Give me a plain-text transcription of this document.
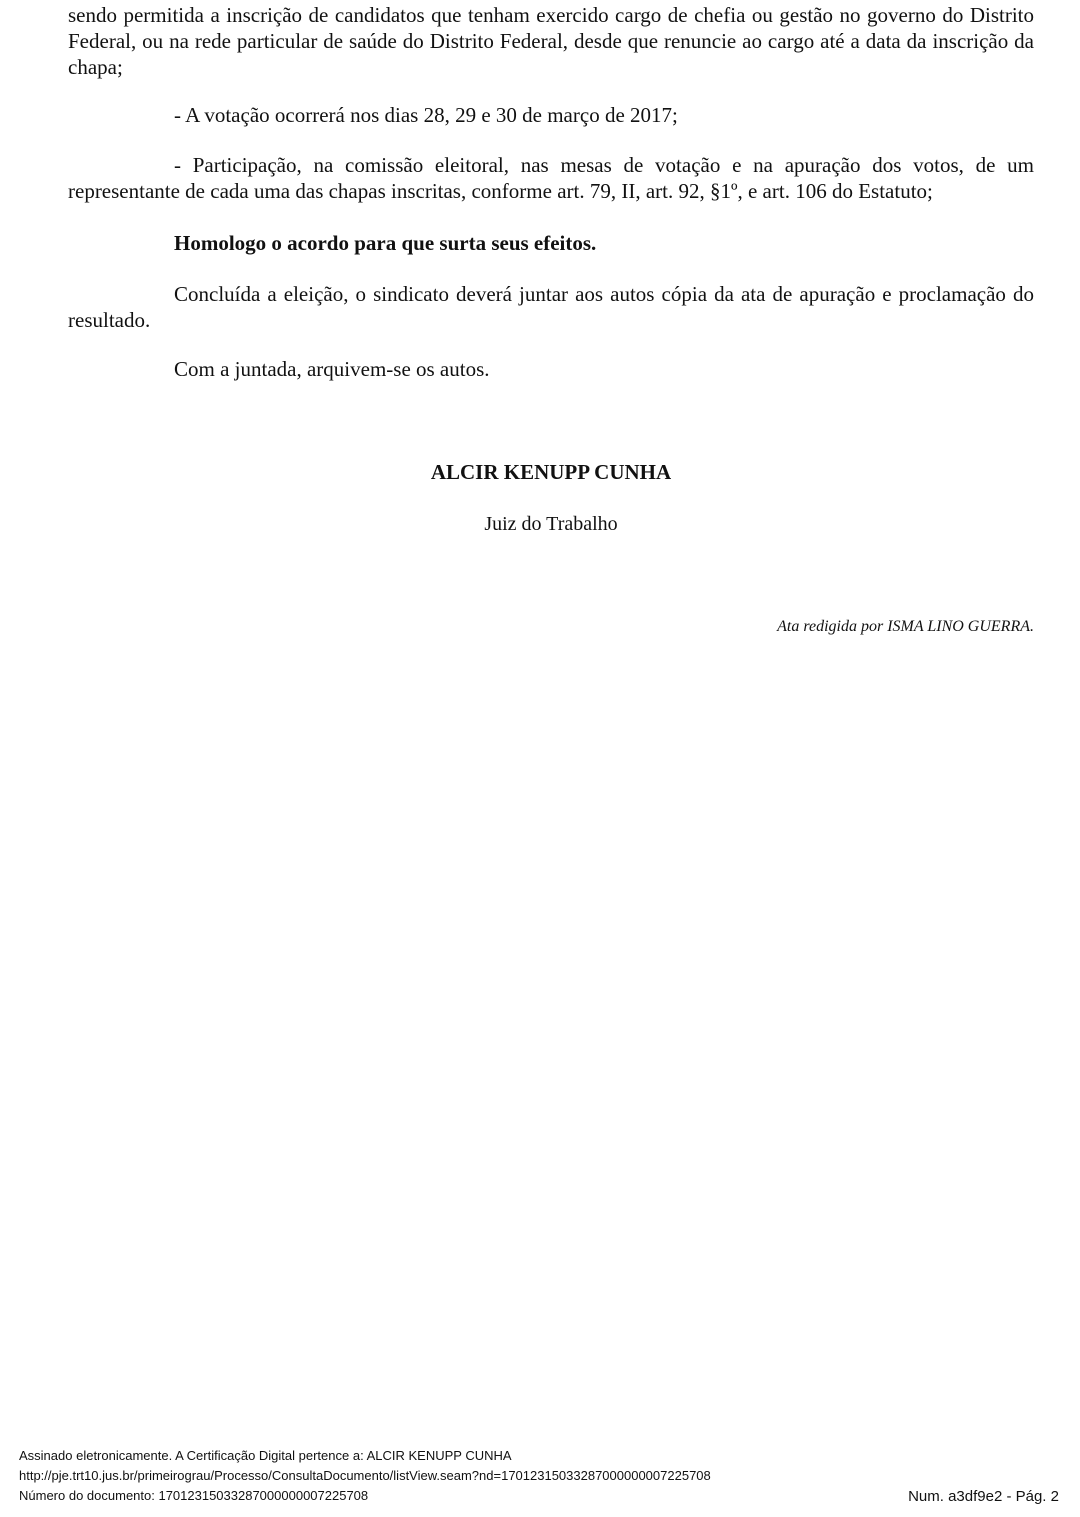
sendo permitida a inscrição de candidatos que tenham exercido cargo de chefia ou gestão no governo do Distrito Federal, ou na rede particular de saúde do Distrito Federal, desde que renuncie ao cargo até a data da inscrição da chapa;

- A votação ocorrerá nos dias 28, 29 e 30 de março de 2017;

- Participação, na comissão eleitoral, nas mesas de votação e na apuração dos votos, de um representante de cada uma das chapas inscritas, conforme art. 79, II, art. 92, §1º, e art. 106 do Estatuto;

Homologo o acordo para que surta seus efeitos.

Concluída a eleição, o sindicato deverá juntar aos autos cópia da ata de apuração e proclamação do resultado.

Com a juntada, arquivem-se os autos.

ALCIR KENUPP CUNHA
Juiz do Trabalho
Ata redigida por ISMA LINO GUERRA.
Assinado eletronicamente. A Certificação Digital pertence a: ALCIR KENUPP CUNHA
http://pje.trt10.jus.br/primeirograu/Processo/ConsultaDocumento/listView.seam?nd=17012315033287000000007225708
Número do documento: 17012315033287000000007225708	Num. a3df9e2 - Pág. 2
